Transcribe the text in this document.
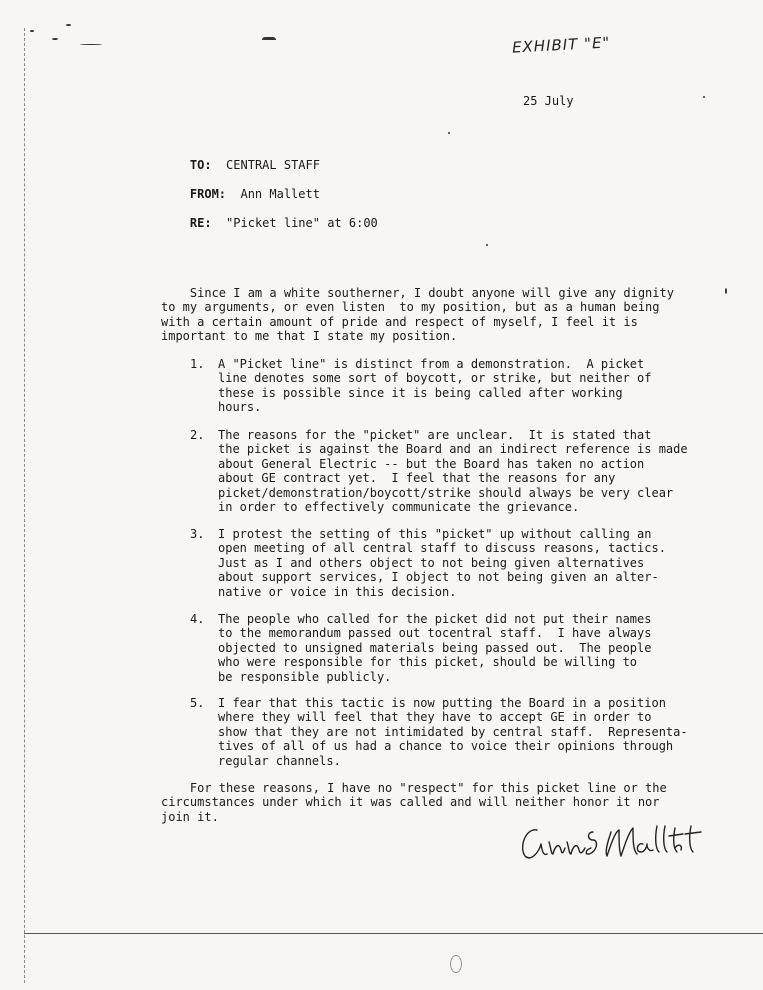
EXHIBIT "E"
25 July

TO: CENTRAL STAFF

FROM: Ann Mallett

RE: "Picket line" at 6:00

Since I am a white southerner, I doubt anyone will give any dignity
to my arguments, or even listen  to my position, but as a human being
with a certain amount of pride and respect of myself, I feel it is
important to me that I state my position.

1.

	A "Picket line" is distinct from a demonstration.  A picket
line denotes some sort of boycott, or strike, but neither of
these is possible since it is being called after working
hours.

2.

	The reasons for the "picket" are unclear.  It is stated that
the picket is against the Board and an indirect reference is made
about General Electric -- but the Board has taken no action
about GE contract yet.  I feel that the reasons for any
picket/demonstration/boycott/strike should always be very clear
in order to effectively communicate the grievance.

3.

	I protest the setting of this "picket" up without calling an
open meeting of all central staff to discuss reasons, tactics.
Just as I and others object to not being given alternatives
about support services, I object to not being given an alter-
native or voice in this decision.

4.

	The people who called for the picket did not put their names
to the memorandum passed out tocentral staff.  I have always
objected to unsigned materials being passed out.  The people
who were responsible for this picket, should be willing to
be responsible publicly.

5.

	I fear that this tactic is now putting the Board in a position
where they will feel that they have to accept GE in order to
show that they are not intimidated by central staff.  Representa-
tives of all of us had a chance to voice their opinions through
regular channels.

For these reasons, I have no "respect" for this picket line or the
circumstances under which it was called and will neither honor it nor
join it.
